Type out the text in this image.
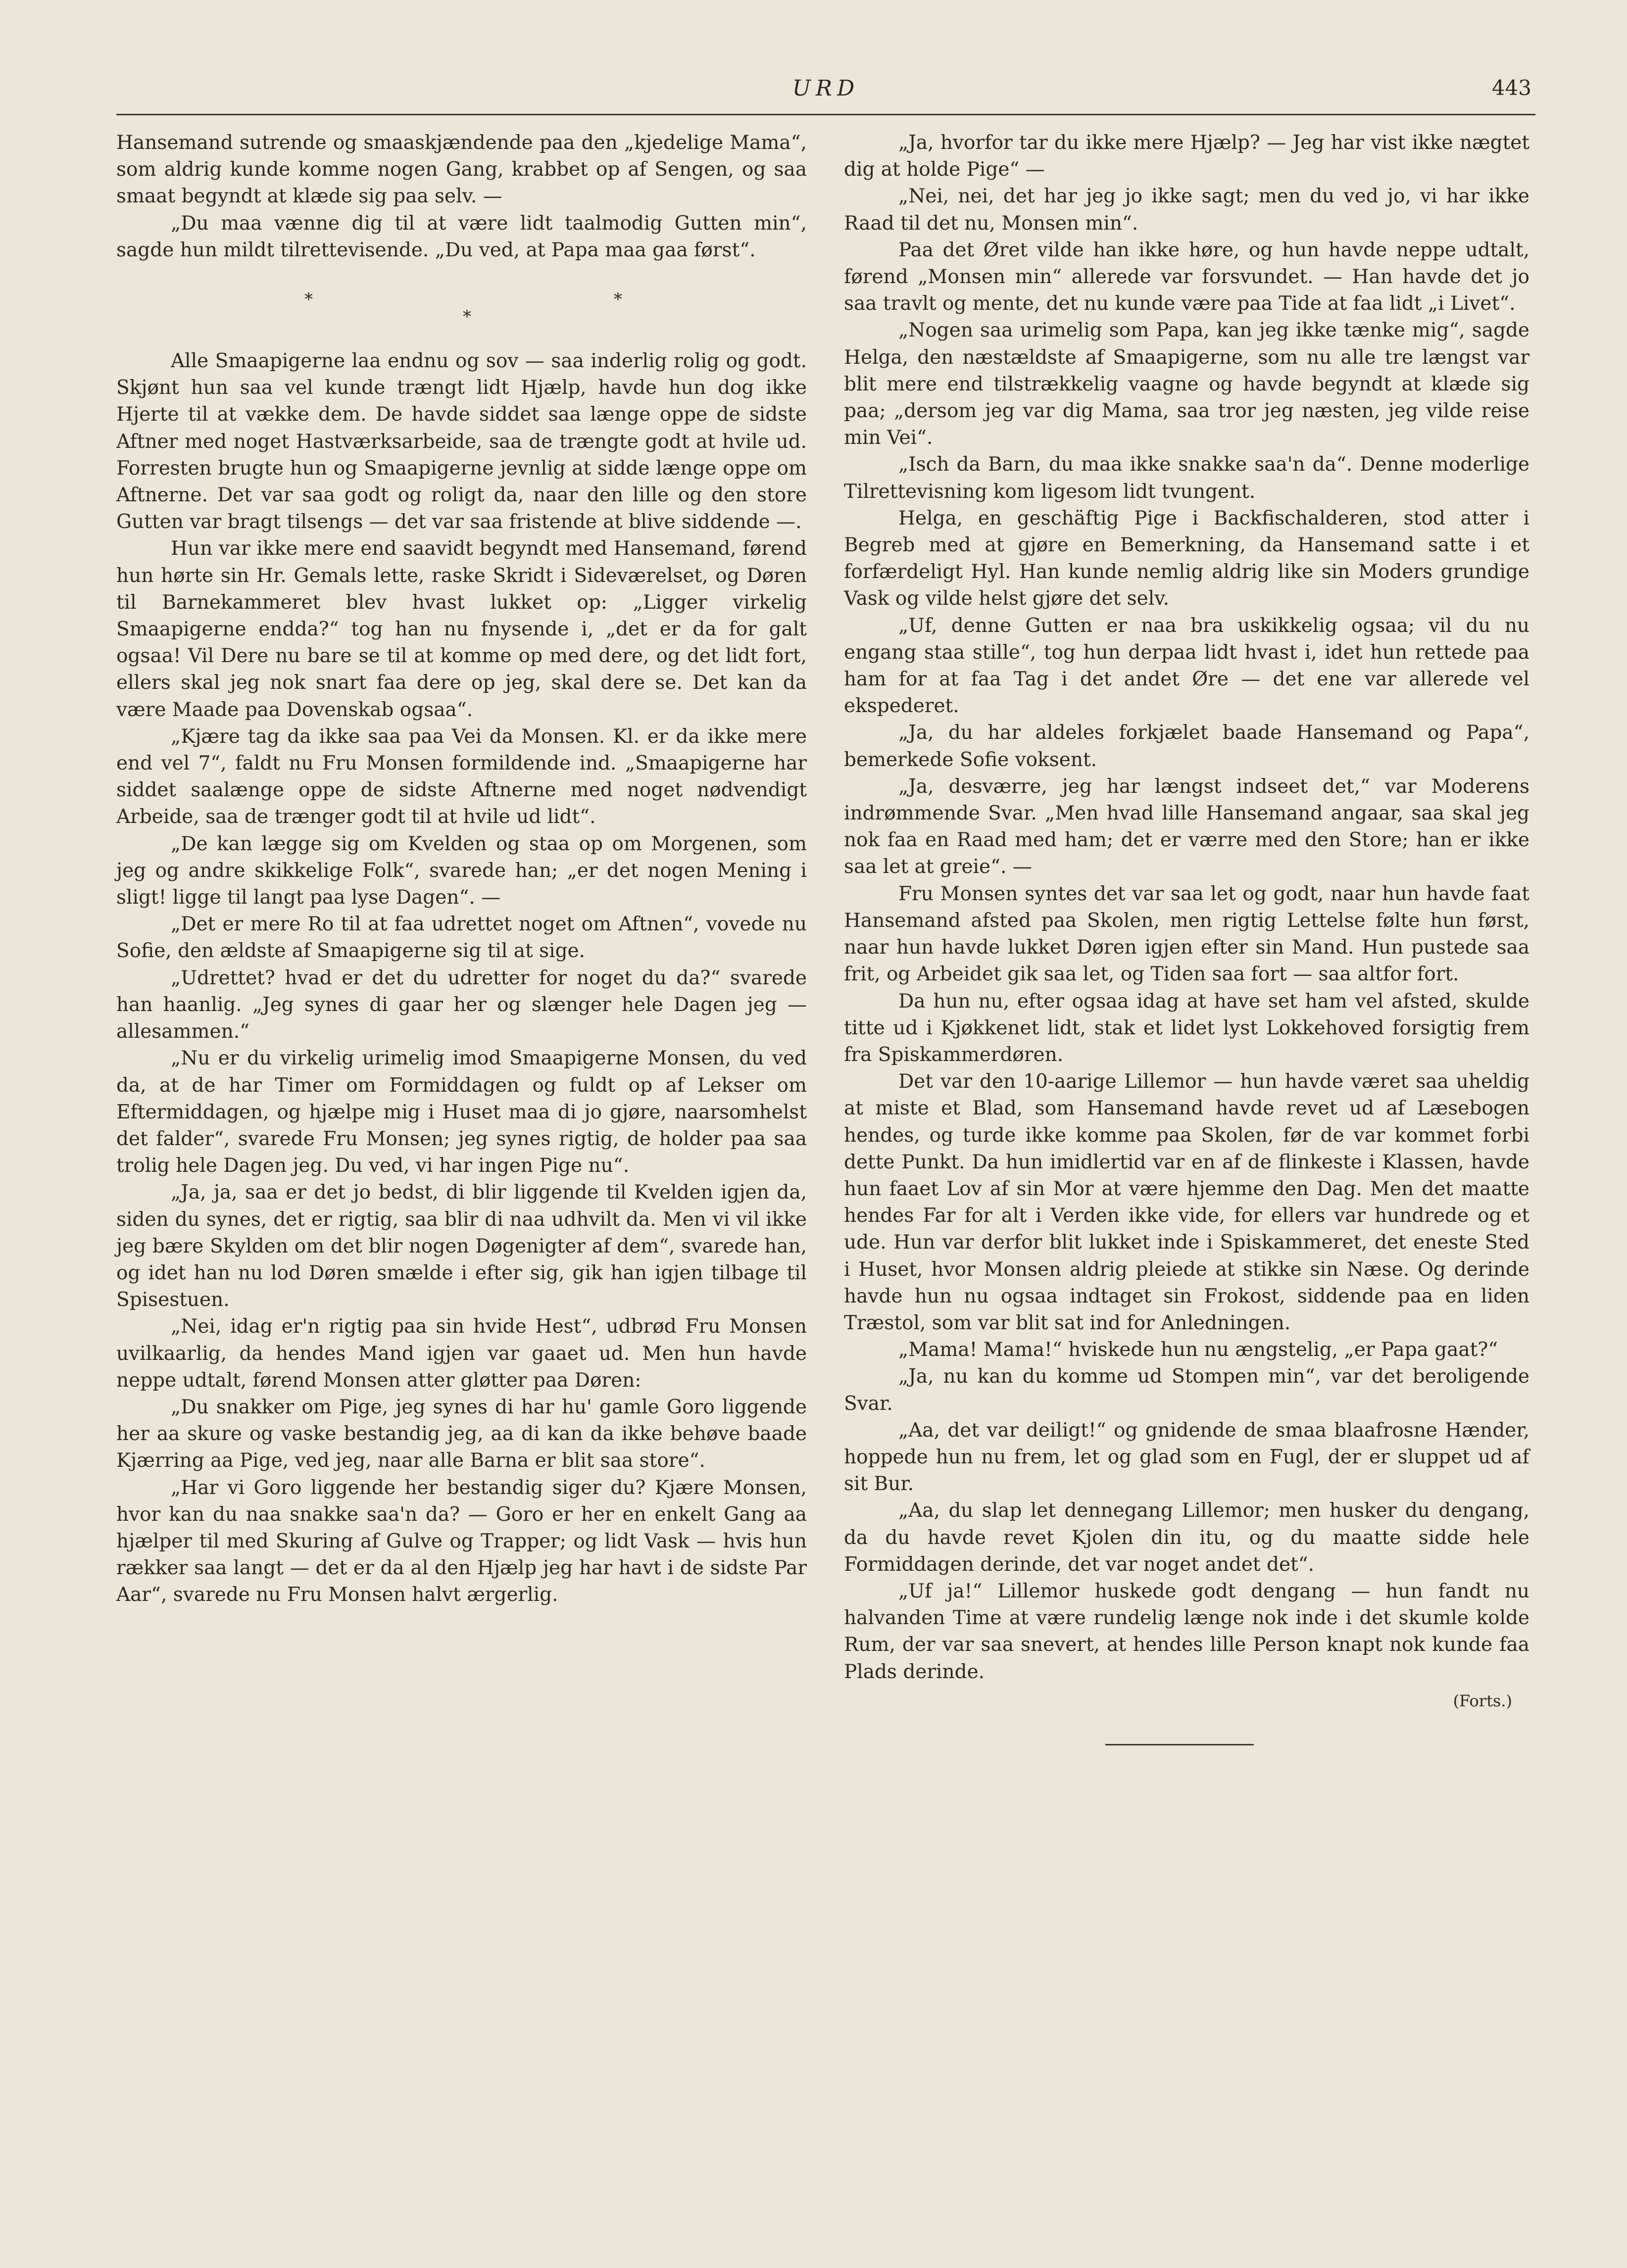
URD	443

Hansemand sutrende og smaaskjændende paa den „kjedelige Mama“, som aldrig kunde komme nogen Gang, krabbet op af Sengen, og saa smaat begyndt at klæde sig paa selv. —

„Du maa vænne dig til at være lidt taalmodig Gutten min“, sagde hun mildt tilrettevisende. „Du ved, at Papa maa gaa først“.

*
*
*

Alle Smaapigerne laa endnu og sov — saa inderlig rolig og godt. Skjønt hun saa vel kunde trængt lidt Hjælp, havde hun dog ikke Hjerte til at vække dem. De havde siddet saa længe oppe de sidste Aftner med noget Hastværksarbeide, saa de trængte godt at hvile ud. Forresten brugte hun og Smaapigerne jevnlig at sidde længe oppe om Aftnerne. Det var saa godt og roligt da, naar den lille og den store Gutten var bragt tilsengs — det var saa fristende at blive siddende —.

Hun var ikke mere end saavidt begyndt med Hansemand, førend hun hørte sin Hr. Gemals lette, raske Skridt i Sideværelset, og Døren til Barnekammeret blev hvast lukket op: „Ligger virkelig Smaapigerne endda?“ tog han nu fnysende i, „det er da for galt ogsaa! Vil Dere nu bare se til at komme op med dere, og det lidt fort, ellers skal jeg nok snart faa dere op jeg, skal dere se. Det kan da være Maade paa Dovenskab ogsaa“.

„Kjære tag da ikke saa paa Vei da Monsen. Kl. er da ikke mere end vel 7“, faldt nu Fru Monsen formildende ind. „Smaapigerne har siddet saalænge oppe de sidste Aftnerne med noget nødvendigt Arbeide, saa de trænger godt til at hvile ud lidt“.

„De kan lægge sig om Kvelden og staa op om Morgenen, som jeg og andre skikkelige Folk“, svarede han; „er det nogen Mening i sligt! ligge til langt paa lyse Dagen“. —

„Det er mere Ro til at faa udrettet noget om Aftnen“, vovede nu Sofie, den ældste af Smaapigerne sig til at sige.

„Udrettet? hvad er det du udretter for noget du da?“ svarede han haanlig. „Jeg synes di gaar her og slænger hele Dagen jeg — allesammen.“

„Nu er du virkelig urimelig imod Smaapigerne Monsen, du ved da, at de har Timer om Formiddagen og fuldt op af Lekser om Eftermiddagen, og hjælpe mig i Huset maa di jo gjøre, naarsomhelst det falder“, svarede Fru Monsen; jeg synes rigtig, de holder paa saa trolig hele Dagen jeg. Du ved, vi har ingen Pige nu“.

„Ja, ja, saa er det jo bedst, di blir liggende til Kvelden igjen da, siden du synes, det er rigtig, saa blir di naa udhvilt da. Men vi vil ikke jeg bære Skylden om det blir nogen Døgenigter af dem“, svarede han, og idet han nu lod Døren smælde i efter sig, gik han igjen tilbage til Spisestuen.

„Nei, idag er'n rigtig paa sin hvide Hest“, udbrød Fru Monsen uvilkaarlig, da hendes Mand igjen var gaaet ud. Men hun havde neppe udtalt, førend Monsen atter gløtter paa Døren:

„Du snakker om Pige, jeg synes di har hu' gamle Goro liggende her aa skure og vaske bestandig jeg, aa di kan da ikke behøve baade Kjærring aa Pige, ved jeg, naar alle Barna er blit saa store“.

„Har vi Goro liggende her bestandig siger du? Kjære Monsen, hvor kan du naa snakke saa'n da? — Goro er her en enkelt Gang aa hjælper til med Skuring af Gulve og Trapper; og lidt Vask — hvis hun rækker saa langt — det er da al den Hjælp jeg har havt i de sidste Par Aar“, svarede nu Fru Monsen halvt ærgerlig.

„Ja, hvorfor tar du ikke mere Hjælp? — Jeg har vist ikke nægtet dig at holde Pige“ —

„Nei, nei, det har jeg jo ikke sagt; men du ved jo, vi har ikke Raad til det nu, Monsen min“.

Paa det Øret vilde han ikke høre, og hun havde neppe udtalt, førend „Monsen min“ allerede var forsvundet. — Han havde det jo saa travlt og mente, det nu kunde være paa Tide at faa lidt „i Livet“.

„Nogen saa urimelig som Papa, kan jeg ikke tænke mig“, sagde Helga, den næstældste af Smaapigerne, som nu alle tre længst var blit mere end tilstrækkelig vaagne og havde begyndt at klæde sig paa; „dersom jeg var dig Mama, saa tror jeg næsten, jeg vilde reise min Vei“.

„Isch da Barn, du maa ikke snakke saa'n da“. Denne moderlige Tilrettevisning kom ligesom lidt tvungent.

Helga, en geschäftig Pige i Backfischalderen, stod atter i Begreb med at gjøre en Bemerkning, da Hansemand satte i et forfærdeligt Hyl. Han kunde nemlig aldrig like sin Moders grundige Vask og vilde helst gjøre det selv.

„Uf, denne Gutten er naa bra uskikkelig ogsaa; vil du nu engang staa stille“, tog hun derpaa lidt hvast i, idet hun rettede paa ham for at faa Tag i det andet Øre — det ene var allerede vel ekspederet.

„Ja, du har aldeles forkjælet baade Hansemand og Papa“, bemerkede Sofie voksent.

„Ja, desværre, jeg har længst indseet det,“ var Moderens indrømmende Svar. „Men hvad lille Hansemand angaar, saa skal jeg nok faa en Raad med ham; det er værre med den Store; han er ikke saa let at greie“. —

Fru Monsen syntes det var saa let og godt, naar hun havde faat Hansemand afsted paa Skolen, men rigtig Lettelse følte hun først, naar hun havde lukket Døren igjen efter sin Mand. Hun pustede saa frit, og Arbeidet gik saa let, og Tiden saa fort — saa altfor fort.

Da hun nu, efter ogsaa idag at have set ham vel afsted, skulde titte ud i Kjøkkenet lidt, stak et lidet lyst Lokkehoved forsigtig frem fra Spiskammerdøren.

Det var den 10-aarige Lillemor — hun havde været saa uheldig at miste et Blad, som Hansemand havde revet ud af Læsebogen hendes, og turde ikke komme paa Skolen, før de var kommet forbi dette Punkt. Da hun imidlertid var en af de flinkeste i Klassen, havde hun faaet Lov af sin Mor at være hjemme den Dag. Men det maatte hendes Far for alt i Verden ikke vide, for ellers var hundrede og et ude. Hun var derfor blit lukket inde i Spiskammeret, det eneste Sted i Huset, hvor Monsen aldrig pleiede at stikke sin Næse. Og derinde havde hun nu ogsaa indtaget sin Frokost, siddende paa en liden Træstol, som var blit sat ind for Anledningen.

„Mama! Mama!“ hviskede hun nu ængstelig, „er Papa gaat?“

„Ja, nu kan du komme ud Stompen min“, var det beroligende Svar.

„Aa, det var deiligt!“ og gnidende de smaa blaafrosne Hænder, hoppede hun nu frem, let og glad som en Fugl, der er sluppet ud af sit Bur.

„Aa, du slap let dennegang Lillemor; men husker du dengang, da du havde revet Kjolen din itu, og du maatte sidde hele Formiddagen derinde, det var noget andet det“.

„Uf ja!“ Lillemor huskede godt dengang — hun fandt nu halvanden Time at være rundelig længe nok inde i det skumle kolde Rum, der var saa snevert, at hendes lille Person knapt nok kunde faa Plads derinde.

(Forts.)
